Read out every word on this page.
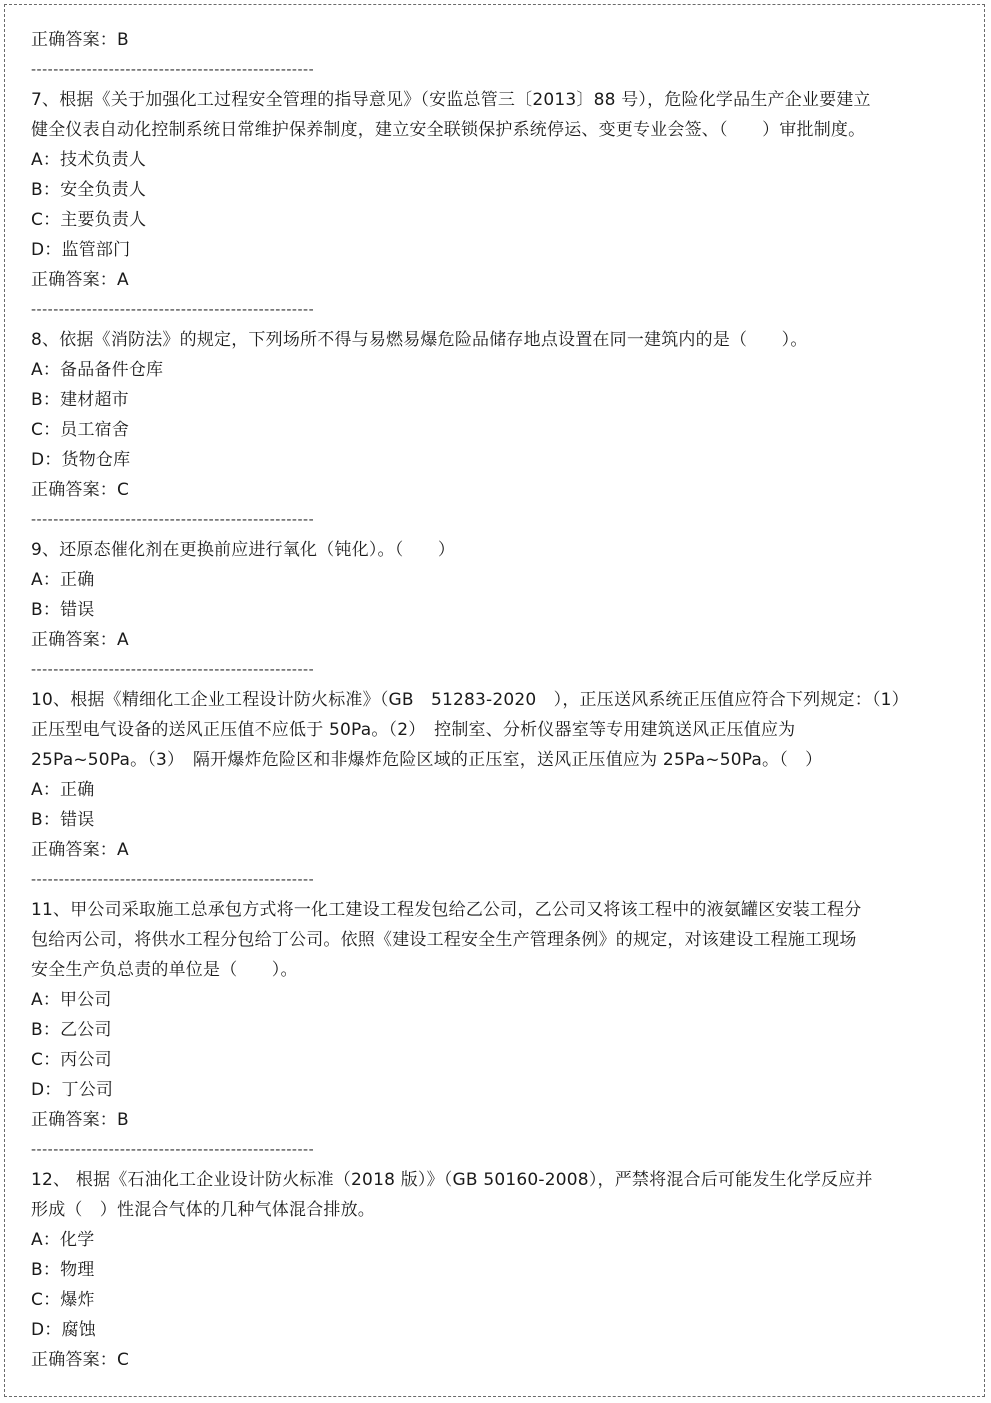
正确答案：B
---------------------------------------------------
7、根据《关于加强化工过程安全管理的指导意见》（安监总管三〔2013〕88 号），危险化学品生产企业要建立
健全仪表自动化控制系统日常维护保养制度，建立安全联锁保护系统停运、变更专业会签、（　　）审批制度。
A：技术负责人
B：安全负责人
C：主要负责人
D：监管部门
正确答案：A
---------------------------------------------------
8、依据《消防法》的规定，下列场所不得与易燃易爆危险品储存地点设置在同一建筑内的是（　　）。
A：备品备件仓库
B：建材超市
C：员工宿舍
D：货物仓库
正确答案：C
---------------------------------------------------
9、还原态催化剂在更换前应进行氧化（钝化）。（　　）
A：正确
B：错误
正确答案：A
---------------------------------------------------
10、根据《精细化工企业工程设计防火标准》（GB　51283-2020　），正压送风系统正压值应符合下列规定：（1）
正压型电气设备的送风正压值不应低于 50Pa。（2）　控制室、分析仪器室等专用建筑送风正压值应为
25Pa~50Pa。（3）　隔开爆炸危险区和非爆炸危险区域的正压室，送风正压值应为 25Pa~50Pa。（　）
A：正确
B：错误
正确答案：A
---------------------------------------------------
11、甲公司采取施工总承包方式将一化工建设工程发包给乙公司，乙公司又将该工程中的液氨罐区安装工程分
包给丙公司，将供水工程分包给丁公司。依照《建设工程安全生产管理条例》的规定，对该建设工程施工现场
安全生产负总责的单位是（　　）。
A：甲公司
B：乙公司
C：丙公司
D：丁公司
正确答案：B
---------------------------------------------------
12、 根据《石油化工企业设计防火标准（2018 版）》（GB 50160-2008），严禁将混合后可能发生化学反应并
形成（　）性混合气体的几种气体混合排放。
A：化学
B：物理
C：爆炸
D：腐蚀
正确答案：C
